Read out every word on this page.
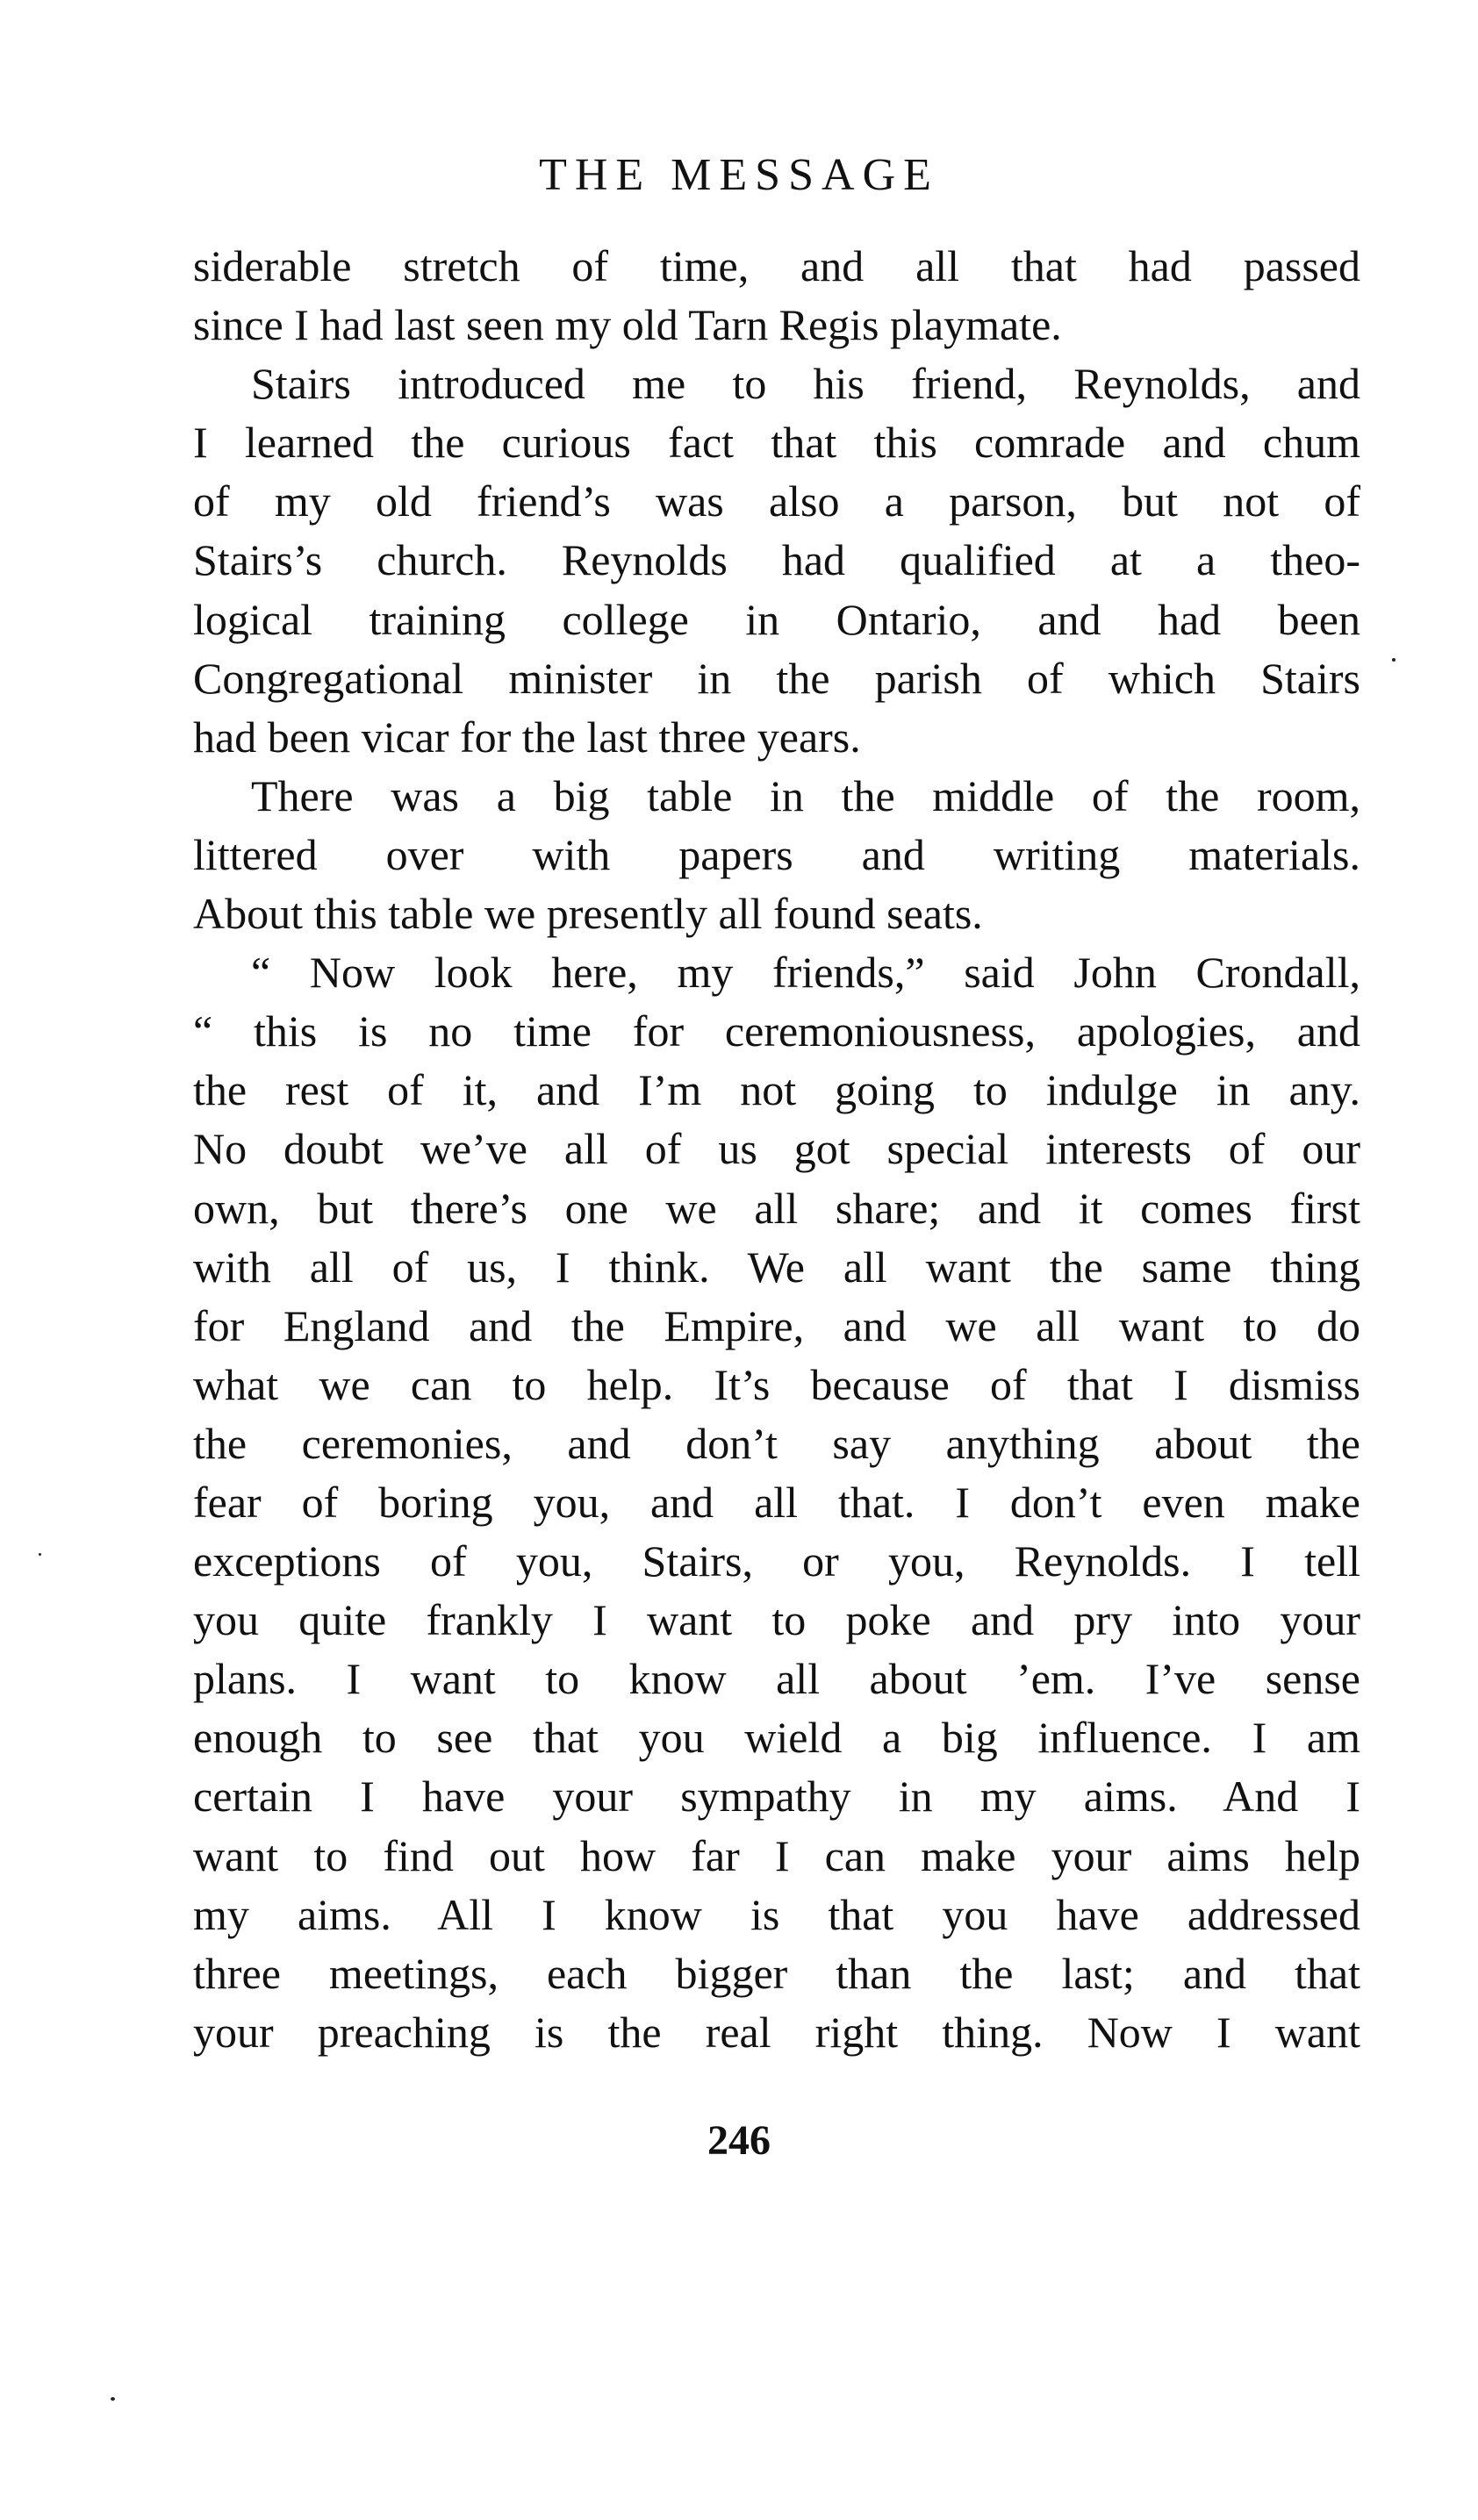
THE MESSAGE
siderable stretch of time, and all that had passed
since I had last seen my old Tarn Regis playmate.
Stairs introduced me to his friend, Reynolds, and
I learned the curious fact that this comrade and chum
of my old friend’s was also a parson, but not of
Stairs’s church. Reynolds had qualified at a theo-
logical training college in Ontario, and had been
Congregational minister in the parish of which Stairs
had been vicar for the last three years.
There was a big table in the middle of the room,
littered over with papers and writing materials.
About this table we presently all found seats.
“ Now look here, my friends,” said John Crondall,
“ this is no time for ceremoniousness, apologies, and
the rest of it, and I’m not going to indulge in any.
No doubt we’ve all of us got special interests of our
own, but there’s one we all share; and it comes first
with all of us, I think. We all want the same thing
for England and the Empire, and we all want to do
what we can to help. It’s because of that I dismiss
the ceremonies, and don’t say anything about the
fear of boring you, and all that. I don’t even make
exceptions of you, Stairs, or you, Reynolds. I tell
you quite frankly I want to poke and pry into your
plans. I want to know all about ’em. I’ve sense
enough to see that you wield a big influence. I am
certain I have your sympathy in my aims. And I
want to find out how far I can make your aims help
my aims. All I know is that you have addressed
three meetings, each bigger than the last; and that
your preaching is the real right thing. Now I want
246
